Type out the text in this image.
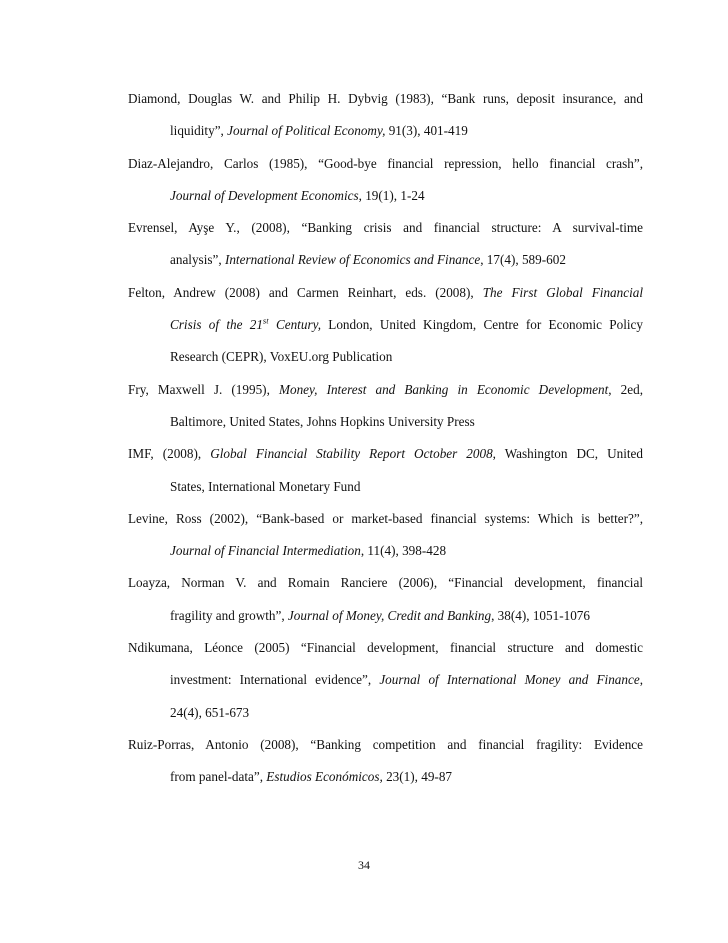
Diamond, Douglas W. and Philip H. Dybvig (1983), “Bank runs, deposit insurance, and
liquidity”, Journal of Political Economy, 91(3), 401-419
Diaz-Alejandro, Carlos (1985), “Good-bye financial repression, hello financial crash”,
Journal of Development Economics, 19(1), 1-24
Evrensel, Ayşe Y., (2008), “Banking crisis and financial structure: A survival-time
analysis”, International Review of Economics and Finance, 17(4), 589-602
Felton, Andrew (2008) and Carmen Reinhart, eds. (2008), The First Global Financial
Crisis of the 21st Century, London, United Kingdom, Centre for Economic Policy
Research (CEPR), VoxEU.org Publication
Fry, Maxwell J. (1995), Money, Interest and Banking in Economic Development, 2ed,
Baltimore, United States, Johns Hopkins University Press
IMF, (2008), Global Financial Stability Report October 2008, Washington DC, United
States, International Monetary Fund
Levine, Ross (2002), “Bank-based or market-based financial systems: Which is better?”,
Journal of Financial Intermediation, 11(4), 398-428
Loayza, Norman V. and Romain Ranciere (2006), “Financial development, financial
fragility and growth”, Journal of Money, Credit and Banking, 38(4), 1051-1076
Ndikumana, Léonce (2005) “Financial development, financial structure and domestic
investment: International evidence”, Journal of International Money and Finance,
24(4), 651-673
Ruiz-Porras, Antonio (2008), “Banking competition and financial fragility: Evidence
from panel-data”, Estudios Económicos, 23(1), 49-87
34
